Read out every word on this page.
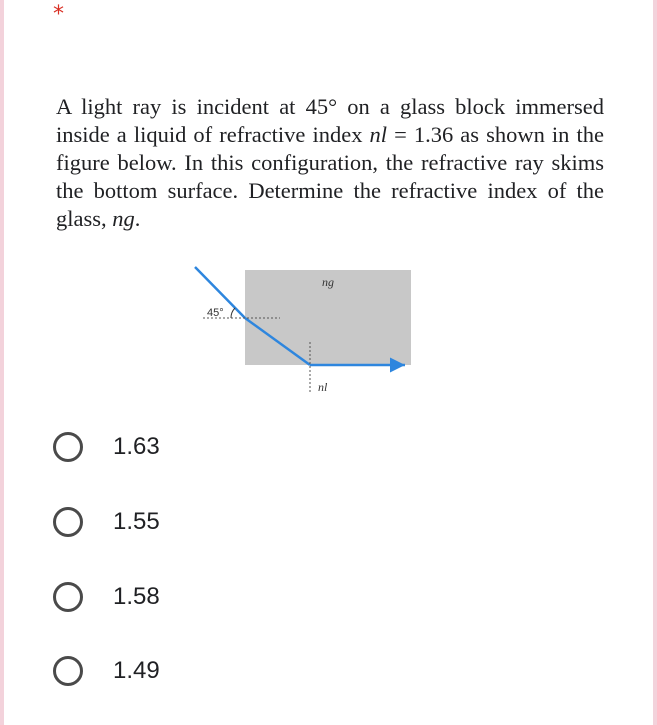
*
A light ray is incident at 45° on a glass block immersed inside a liquid of refractive index nl = 1.36 as shown in the figure below. In this configuration, the refractive ray skims the bottom surface. Determine the refractive index of the glass, ng.
45°
ng
nl
1.63
1.55
1.58
1.49
